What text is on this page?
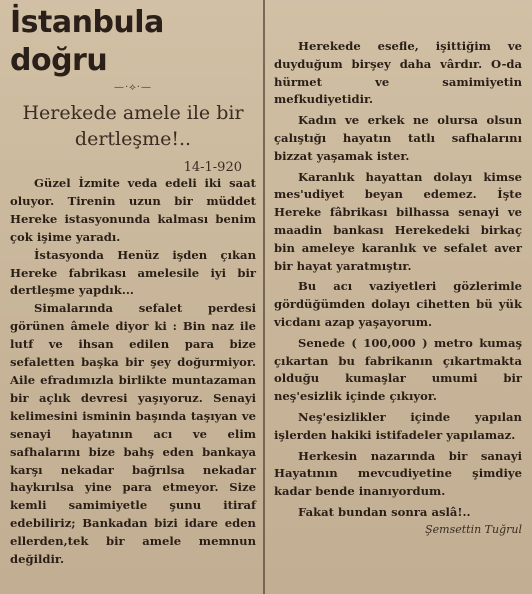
İstanbula doğru
—·⟡·—
Herekede amele ile bir
dertleşme!..
14-1-920

Güzel İzmite veda edeli iki saat oluyor. Tirenin uzun bir müddet Hereke istasyonunda kalması benim çok işime yaradı.

İstasyonda Henüz işden çıkan Hereke fabrikası amelesile iyi bir dertleşme yapdık...

Simalarında sefalet perdesi görünen âmele diyor ki : Bin naz ile lutf ve ihsan edilen para bize sefaletten başka bir şey doğurmiyor. Aile efradımızla birlikte muntazaman bir açlık devresi yaşıyoruz. Senayi kelimesini isminin başında taşıyan ve senayi hayatının acı ve elim safhalarını bize bahş eden bankaya karşı nekadar bağrılsa nekadar haykırılsa yine para etmeyor. Size kemli samimiyetle şunu itiraf edebiliriz; Bankadan bizi idare eden ellerden,tek bir amele memnun değildir.

Herekede esefle, işittiğim ve duyduğum birşey daha vârdır. O-da hürmet ve samimiyetin mefkudiyetidir.

Kadın ve erkek ne olursa olsun çalıştığı hayatın tatlı safhalarını bizzat yaşamak ister.

Karanlık hayattan dolayı kimse mes'udiyet beyan edemez. İşte Hereke fâbrikası bilhassa senayi ve maadin bankası Herekedeki birkaç bin ameleye karanlık ve sefalet aver bir hayat yaratmıştır.

Bu acı vaziyetleri gözlerimle gördüğümden dolayı cihetten bü yük vicdanı azap yaşayorum.

Senede ( 100,000 ) metro kumaş çıkartan bu fabrikanın çıkartmakta olduğu kumaşlar umumi bir neş'esizlik içinde çıkıyor.

Neş'esizlikler içinde yapılan işlerden hakiki istifadeler yapılamaz.

Herkesin nazarında bir sanayi Hayatının mevcudiyetine şimdiye kadar bende inanıyordum.

Fakat bundan sonra aslâ!..

Şemsettin Tuğrul
